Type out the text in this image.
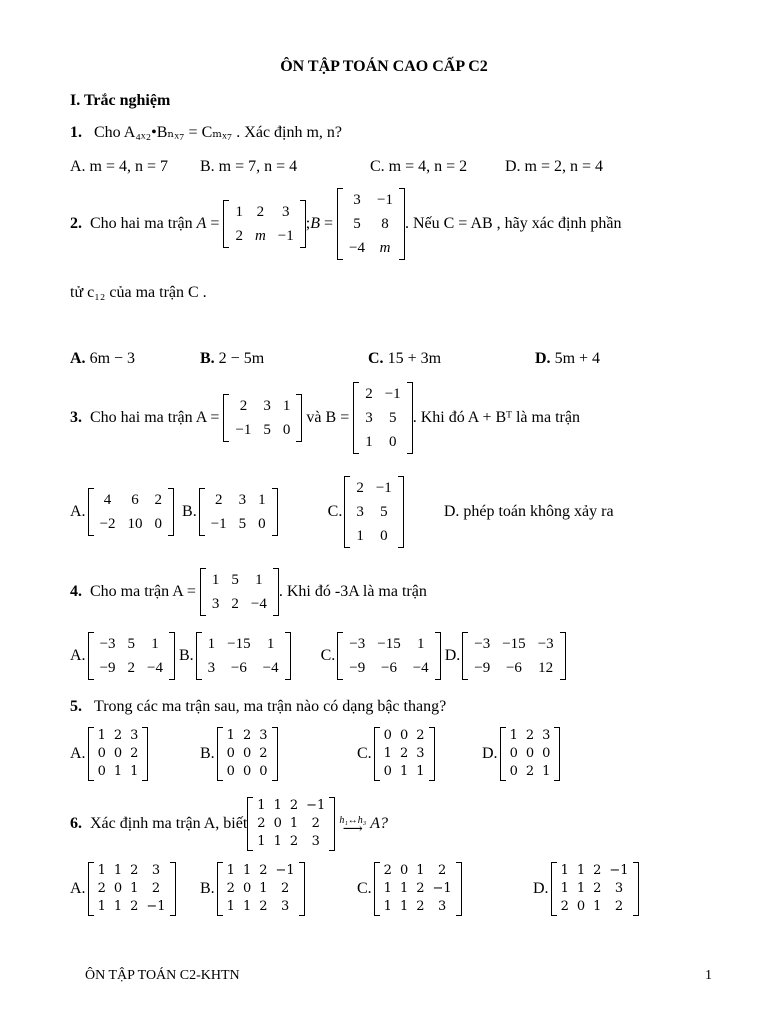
ÔN TẬP TOÁN CAO CẤP C2
I. Trắc nghiệm
1. Cho A₄ₓ₂•Bₙₓ₇ = Cₘₓ₇ . Xác định m, n?
A. m = 4, n = 7 B. m = 7, n = 4	C. m = 4, n = 2 D. m = 2, n = 4
2.
Cho hai ma trận
A =
1	2	3
2	m	−1
; B =
3	−1
5	8
−4	m
. Nếu C = AB , hãy xác định phần
tử c₁₂ của ma trận C .
A. 6m − 3	B. 2 − 5m	C. 15 + 3m	D. 5m + 4
3.
Cho hai ma trận A =

2	3	1
−1	5	0

và B =

2	−1
3	5
1	0
. Khi đó A + Bᵀ là ma trận
A.
4	6	2
−2	10	0

B.
2	3	1
−1	5	0
C.
2	−1
3	5
1	0
D. phép toán không xảy ra
4.
Cho ma trận A =

1	5	1
3	2	−4
. Khi đó -3A là ma trận
A.
−3	5	1
−9	2	−4

B.
1	−15	1
3	−6	−4
C.
−3	−15	1
−9	−6	−4

D.
−3	−15	−3
−9	−6	12
5. Trong các ma trận sau, ma trận nào có dạng bậc thang?
A.
1	2	3
0	0	2
0	1	1
B.
1	2	3
0	0	2
0	0	0
C.
0	0	2
1	2	3
0	1	1
D.
1	2	3
0	0	0
0	2	1
6.
Xác định ma trận A, biết
1	1	2	−1
2	0	1	2
1	1	2	3

h₁↔h₃
⟶
A?
A.
1	1	2	3
2	0	1	2
1	1	2	−1
B.
1	1	2	−1
2	0	1	2
1	1	2	3
C.
2	0	1	2
1	1	2	−1
1	1	2	3
D.
1	1	2	−1
1	1	2	3
2	0	1	2
ÔN TẬP TOÁN C2-KHTN	1
